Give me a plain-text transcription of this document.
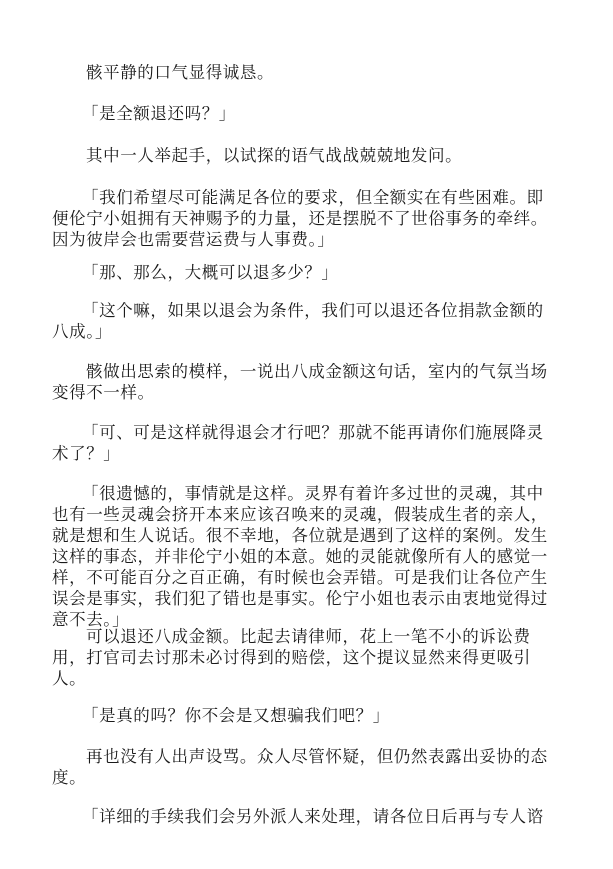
骸平静的口气显得诚恳。

「是全额退还吗？」

其中一人举起手，以试探的语气战战兢兢地发问。

「我们希望尽可能满足各位的要求，但全额实在有些困难。即便伦宁小姐拥有天神赐予的力量，还是摆脱不了世俗事务的牵绊。因为彼岸会也需要营运费与人事费。」

「那、那么，大概可以退多少？」

「这个嘛，如果以退会为条件，我们可以退还各位捐款金额的八成。」

骸做出思索的模样，一说出八成金额这句话，室内的气氛当场变得不一样。

「可、可是这样就得退会才行吧？那就不能再请你们施展降灵术了？」

「很遗憾的，事情就是这样。灵界有着许多过世的灵魂，其中也有一些灵魂会挤开本来应该召唤来的灵魂，假装成生者的亲人，就是想和生人说话。很不幸地，各位就是遇到了这样的案例。发生这样的事态，并非伦宁小姐的本意。她的灵能就像所有人的感觉一样，不可能百分之百正确，有时候也会弄错。可是我们让各位产生误会是事实，我们犯了错也是事实。伦宁小姐也表示由衷地觉得过意不去。」

可以退还八成金额。比起去请律师，花上一笔不小的诉讼费用，打官司去讨那未必讨得到的赔偿，这个提议显然来得更吸引人。

「是真的吗？你不会是又想骗我们吧？」

再也没有人出声设骂。众人尽管怀疑，但仍然表露出妥协的态度。

「详细的手续我们会另外派人来处理，请各位日后再与专人谘
